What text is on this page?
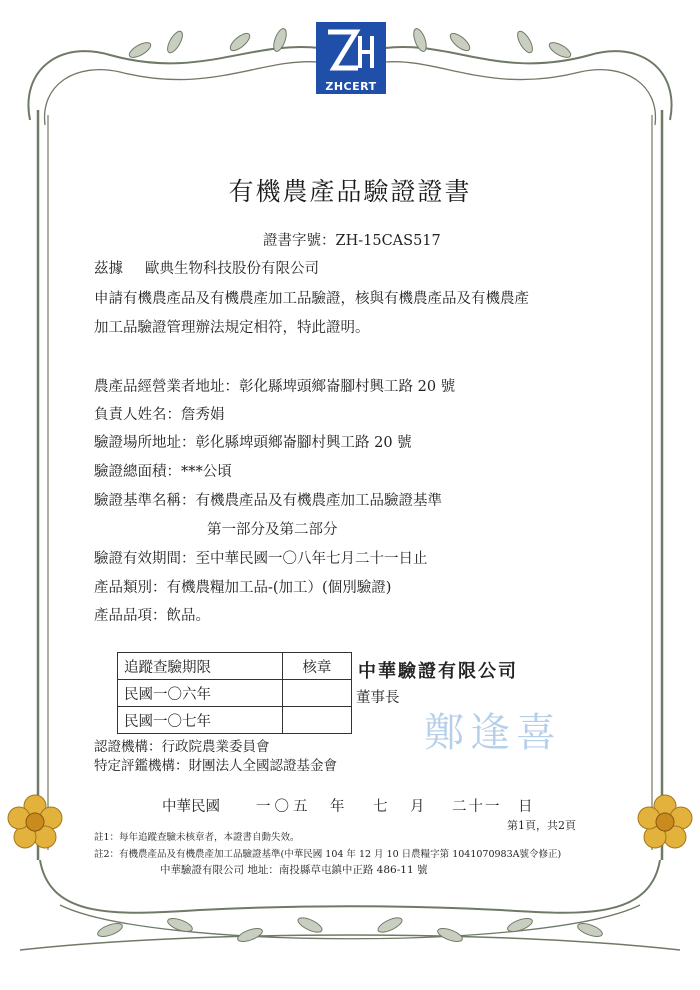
ZHCERT
有機農產品驗證證書
證書字號：ZH-15CAS517
茲據 歐典生物科技股份有限公司
申請有機農產品及有機農產加工品驗證，核與有機農產品及有機農產
加工品驗證管理辦法規定相符，特此證明。
農產品經營業者地址：彰化縣埤頭鄉崙腳村興工路 20 號
負責人姓名：詹秀娟
驗證場所地址：彰化縣埤頭鄉崙腳村興工路 20 號
驗證總面積：***公頃
驗證基準名稱：有機農產品及有機農產加工品驗證基準
第一部分及第二部分
驗證有效期間：至中華民國一〇八年七月二十一日止
產品類別：有機農糧加工品-(加工）(個別驗證)
產品品項：飲品。
追蹤查驗期限	核章
民國一〇六年	
民國一〇七年	
中華驗證有限公司
董事長
鄭逢喜
認證機構：行政院農業委員會
特定評鑑機構：財團法人全國認證基金會
中華民國 一〇五 年 七 月 二十一 日
第1頁，共2頁
註1：每年追蹤查驗未核章者，本證書自動失效。
註2：有機農產品及有機農產加工品驗證基準(中華民國 104 年 12 月 10 日農糧字第 1041070983A號令修正)
中華驗證有限公司 地址：南投縣草屯鎮中正路 486-11 號
